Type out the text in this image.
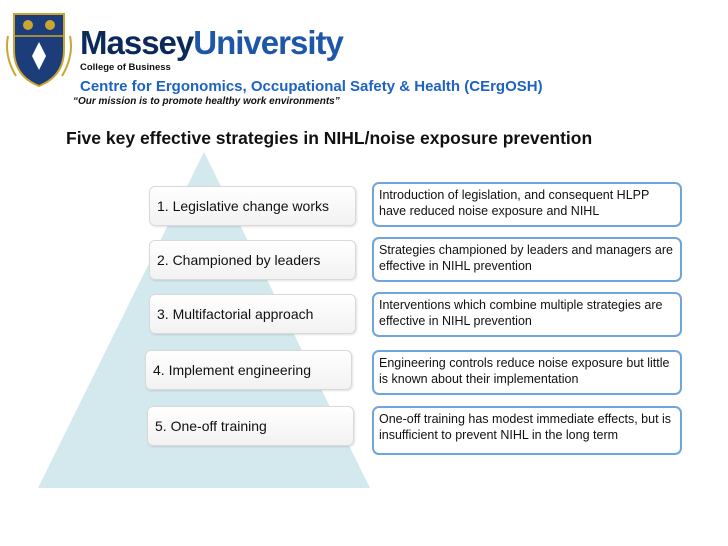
MasseyUniversity
College of Business
Centre for Ergonomics, Occupational Safety & Health (CErgOSH)
“Our mission is to promote healthy work environments”
Five key effective strategies in NIHL/noise exposure prevention
1. Legislative change works
2. Championed by leaders
3. Multifactorial approach
4. Implement engineering
5. One-off training
Introduction of legislation, and consequent HLPP have reduced noise exposure and NIHL
Strategies championed by leaders and managers are effective in NIHL prevention
Interventions which combine multiple strategies are effective in NIHL prevention
Engineering controls reduce noise exposure but little is known about their implementation
One-off training has modest immediate effects, but is insufficient to prevent NIHL in the long term
